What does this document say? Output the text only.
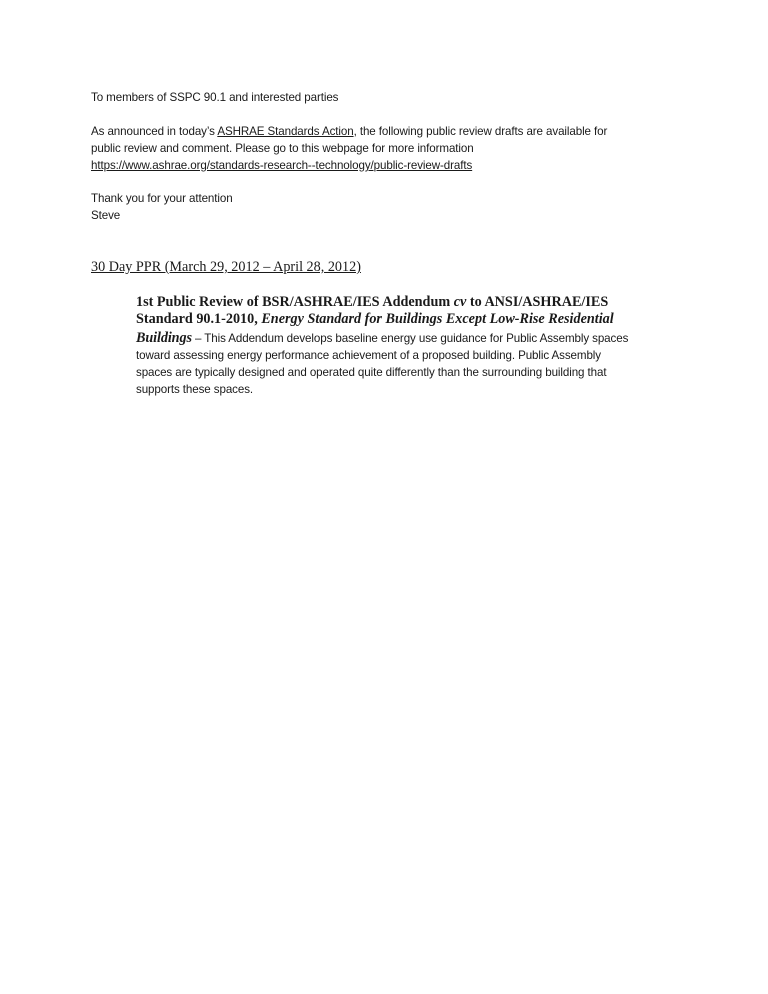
To members of SSPC 90.1 and interested parties
As announced in today’s ASHRAE Standards Action, the following public review drafts are available for
public review and comment. Please go to this webpage for more information
https://www.ashrae.org/standards-research--technology/public-review-drafts
Thank you for your attention
Steve
30 Day PPR (March 29, 2012 – April 28, 2012)
1st Public Review of BSR/ASHRAE/IES Addendum cv to ANSI/ASHRAE/IES
Standard 90.1-2010, Energy Standard for Buildings Except Low-Rise Residential
Buildings – This Addendum develops baseline energy use guidance for Public Assembly spaces
toward assessing energy performance achievement of a proposed building. Public Assembly
spaces are typically designed and operated quite differently than the surrounding building that
supports these spaces.
